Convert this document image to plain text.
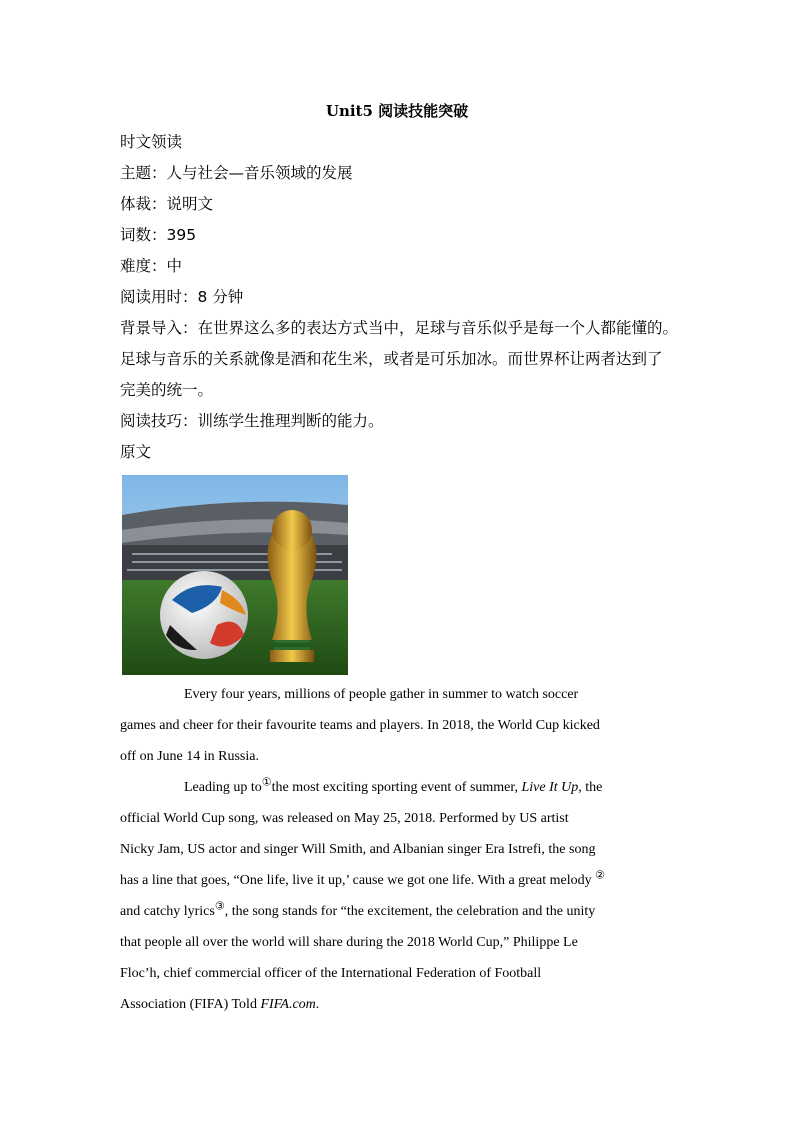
Unit5 阅读技能突破
时文领读
主题：人与社会—音乐领域的发展
体裁：说明文
词数：395
难度：中
阅读用时：8 分钟
背景导入：在世界这么多的表达方式当中，足球与音乐似乎是每一个人都能懂的。
足球与音乐的关系就像是酒和花生米，或者是可乐加冰。而世界杯让两者达到了
完美的统一。
阅读技巧：训练学生推理判断的能力。
原文
Every four years, millions of people gather in summer to watch soccer
games and cheer for their favourite teams and players. In 2018, the World Cup kicked
off on June 14 in Russia.
Leading up to①the most exciting sporting event of summer, Live It Up, the
official World Cup song, was released on May 25, 2018. Performed by US artist
Nicky Jam, US actor and singer Will Smith, and Albanian singer Era Istrefi, the song
has a line that goes, “One life, live it up,’ cause we got one life. With a great melody ②
and catchy lyrics③, the song stands for “the excitement, the celebration and the unity
that people all over the world will share during the 2018 World Cup,” Philippe Le
Floc’h, chief commercial officer of the International Federation of Football
Association (FIFA) Told FIFA.com.
